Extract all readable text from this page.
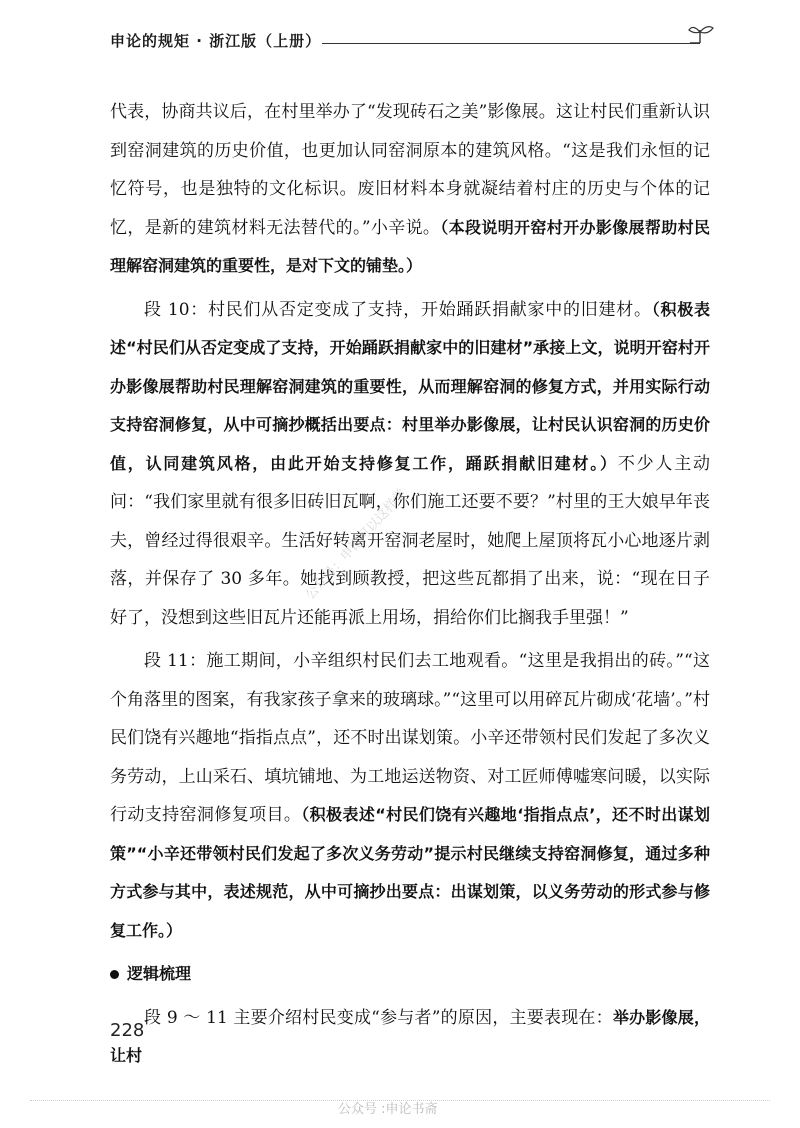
申论的规矩 · 浙江版（上册）

代表，协商共议后，在村里举办了“发现砖石之美”影像展。这让村民们重新认识到窑洞建筑的历史价值，也更加认同窑洞原本的建筑风格。“这是我们永恒的记忆符号，也是独特的文化标识。废旧材料本身就凝结着村庄的历史与个体的记忆，是新的建筑材料无法替代的。”小辛说。（本段说明开窑村开办影像展帮助村民理解窑洞建筑的重要性，是对下文的铺垫。）

段 10：村民们从否定变成了支持，开始踊跃捐献家中的旧建材。（积极表述“村民们从否定变成了支持，开始踊跃捐献家中的旧建材”承接上文，说明开窑村开办影像展帮助村民理解窑洞建筑的重要性，从而理解窑洞的修复方式，并用实际行动支持窑洞修复，从中可摘抄概括出要点：村里举办影像展，让村民认识窑洞的历史价值，认同建筑风格，由此开始支持修复工作，踊跃捐献旧建材。）不少人主动问：“我们家里就有很多旧砖旧瓦啊，你们施工还要不要？”村里的王大娘早年丧夫，曾经过得很艰辛。生活好转离开窑洞老屋时，她爬上屋顶将瓦小心地逐片剥落，并保存了 30 多年。她找到顾教授，把这些瓦都捐了出来，说：“现在日子好了，没想到这些旧瓦片还能再派上用场，捐给你们比搁我手里强！”

段 11：施工期间，小辛组织村民们去工地观看。“这里是我捐出的砖。”“这个角落里的图案，有我家孩子拿来的玻璃球。”“这里可以用碎瓦片砌成‘花墙’。”村民们饶有兴趣地“指指点点”，还不时出谋划策。小辛还带领村民们发起了多次义务劳动，上山采石、填坑铺地、为工地运送物资、对工匠师傅嘘寒问暖，以实际行动支持窑洞修复项目。（积极表述“村民们饶有兴趣地‘指指点点’，还不时出谋划策”“小辛还带领村民们发起了多次义务劳动”提示村民继续支持窑洞修复，通过多种方式参与其中，表述规范，从中可摘抄出要点：出谋划策，以义务劳动的形式参与修复工作。）

逻辑梳理

段 9 ～ 11 主要介绍村民变成“参与者”的原因，主要表现在：举办影像展，让村

公众号：申论可以这样学
228
公众号 :申论书斋
